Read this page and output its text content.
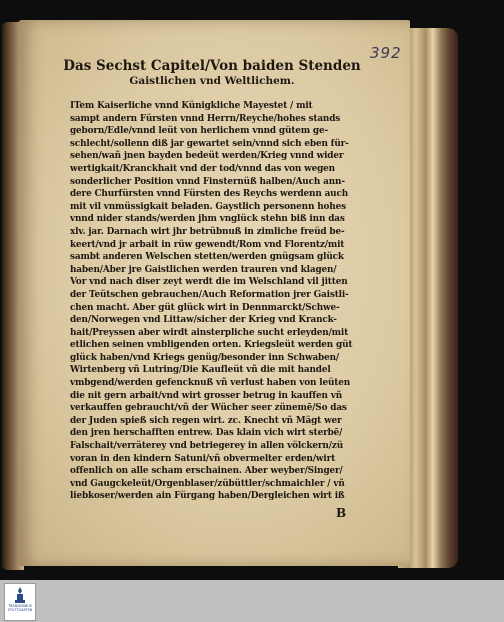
392
Das Sechst Capitel/Von baiden Stenden
Gaistlichen vnd Weltlichem.
ITem Kaiserliche vnnd Künigkliche Mayestet / mit
sampt andern Fürsten vnnd Herrn/Reyche/hohes stands
geborn/Edle/vnnd leüt von herlichem vnnd gütem ge-
schlecht/sollenn diß jar gewartet sein/vnnd sich eben für-
sehen/wañ jnen bayden bedeüt werden/Krieg vnnd wider
wertigkait/Kranckhait vnd der tod/vnnd das von wegen
sonderlicher Position vnnd Finsternüß halben/Auch ann-
dere Churfürsten vnnd Fürsten des Reychs werdenn auch
mit vil vnmüssigkait beladen. Gaystlich personenn hohes
vnnd nider stands/werden jhm vnglück stehn biß inn das
xlv. jar. Darnach wirt jhr betrübnuß in zimliche freüd be-
keert/vnd jr arbait in rüw gewendt/Rom vnd Florentz/mit
sambt anderen Welschen stetten/werden gnügsam glück
haben/Aber jre Gaistlichen werden trauren vnd klagen/
Vor vnd nach diser zeyt werdt die im Welschland vil jitten
der Teütschen gebrauchen/Auch Reformation jrer Gaistli-
chen macht. Aber güt glück wirt in Dennmarckt/Schwe-
den/Norwegen vnd Littaw/sicher der Krieg vnd Kranck-
hait/Preyssen aber wirdt ainsterpliche sucht erleyden/mit
etlichen seinen vmbligenden orten. Kriegsleüt werden güt
glück haben/vnd Kriegs genüg/besonder inn Schwaben/
Wirtenberg vñ Lutring/Die Kaufleüt vñ die mit handel
vmbgend/werden gefencknuß vñ verlust haben von leüten
die nit gern arbait/vnd wirt grosser betrug in kauffen vñ
verkauffen gebraucht/vñ der Wücher seer zünemē/So das
der Juden spieß sich regen wirt. zc. Knecht vñ Mägt wer
den jren herschafften entrew. Das klain vich wirt sterbē/
Falschait/verräterey vnd betriegerey in allen völckern/zü
voran in den kindern Satuni/vñ obvermelter erden/wirt
offenlich on alle scham erschainen. Aber weyber/Singer/
vnd Gaugckeleüt/Orgenblaser/zübüttler/schmaichler / vñ
liebkoser/werden ain Fürgang haben/Dergleichen wirt iß
B
TRANSKRIBUS STUTTGARTEN
